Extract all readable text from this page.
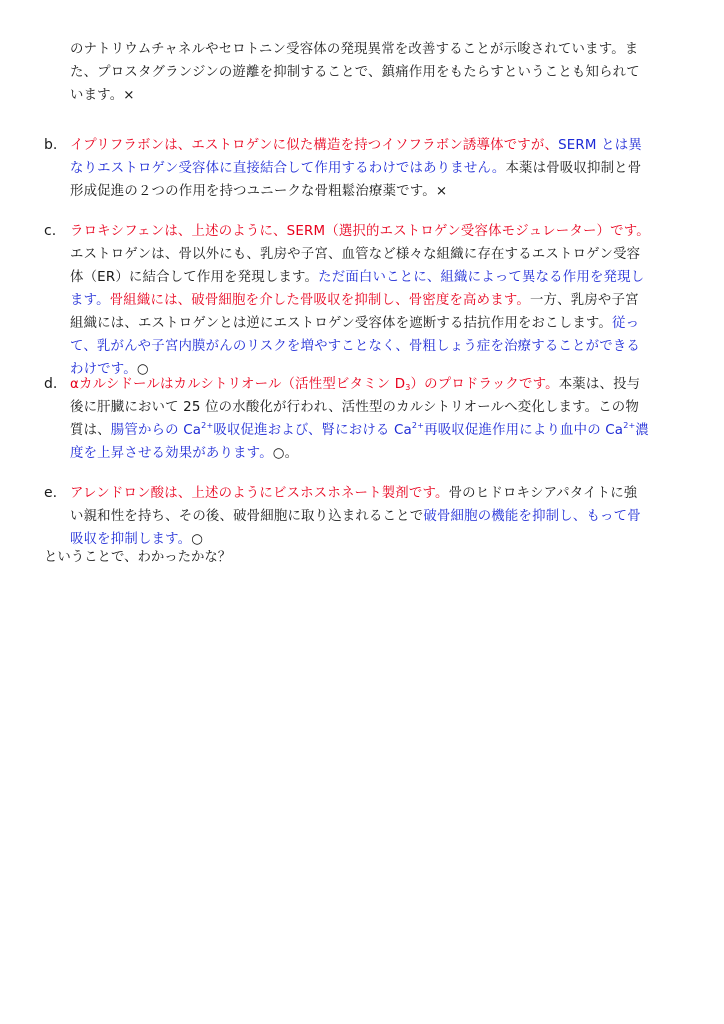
のナトリウムチャネルやセロトニン受容体の発現異常を改善することが示唆されています。ま
た、プロスタグランジンの遊離を抑制することで、鎮痛作用をもたらすということも知られて
います。×
b. イプリフラボンは、エストロゲンに似た構造を持つイソフラボン誘導体ですが、SERM とは異
なりエストロゲン受容体に直接結合して作用するわけではありません。本薬は骨吸収抑制と骨
形成促進の２つの作用を持つユニークな骨粗鬆治療薬です。×
c.	ラロキシフェンは、上述のように、SERM（選択的エストロゲン受容体モジュレーター）です。
エストロゲンは、骨以外にも、乳房や子宮、血管など様々な組織に存在するエストロゲン受容
体（ER）に結合して作用を発現します。ただ面白いことに、組織によって異なる作用を発現し
ます。骨組織には、破骨細胞を介した骨吸収を抑制し、骨密度を高めます。一方、乳房や子宮
組織には、エストロゲンとは逆にエストロゲン受容体を遮断する拮抗作用をおこします。従っ
て、乳がんや子宮内膜がんのリスクを増やすことなく、骨粗しょう症を治療することができる
わけです。○
d. αカルシドールはカルシトリオール（活性型ビタミン $D_3$）のプロドラックです。本薬は、投与
後に肝臓において 25 位の水酸化が行われ、活性型のカルシトリオールへ変化します。この物
質は、腸管からの $Ca^{2+}$吸収促進および、腎における $Ca^{2+}$再吸収促進作用により血中の $Ca^{2+}$濃
度を上昇させる効果があります。○。
e. アレンドロン酸は、上述のようにビスホスホネート製剤です。骨のヒドロキシアパタイトに強
い親和性を持ち、その後、破骨細胞に取り込まれることで破骨細胞の機能を抑制し、もって骨
吸収を抑制します。○
ということで、わかったかな？
